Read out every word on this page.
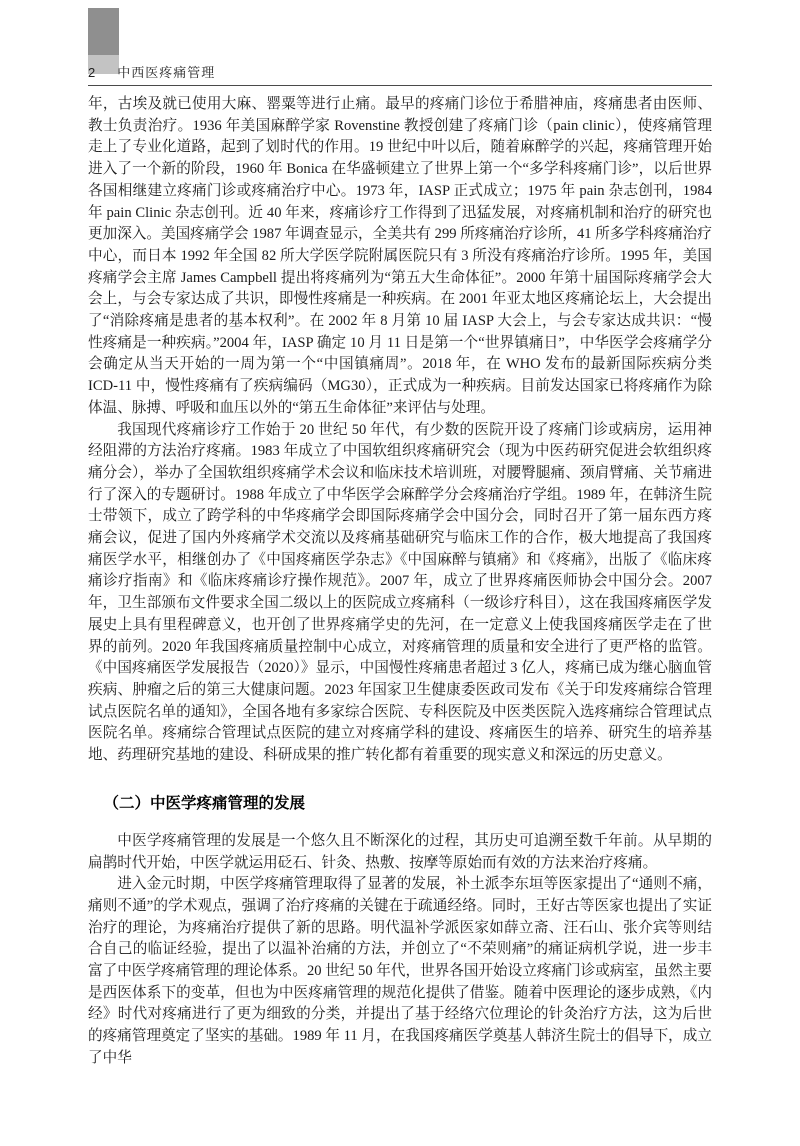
2 中西医疼痛管理

年，古埃及就已使用大麻、罂粟等进行止痛。最早的疼痛门诊位于希腊神庙，疼痛患者由医师、教士负责治疗。1936 年美国麻醉学家 Rovenstine 教授创建了疼痛门诊（pain clinic），使疼痛管理走上了专业化道路，起到了划时代的作用。19 世纪中叶以后，随着麻醉学的兴起，疼痛管理开始进入了一个新的阶段，1960 年 Bonica 在华盛顿建立了世界上第一个“多学科疼痛门诊”，以后世界各国相继建立疼痛门诊或疼痛治疗中心。1973 年，IASP 正式成立；1975 年 pain 杂志创刊，1984 年 pain Clinic 杂志创刊。近 40 年来，疼痛诊疗工作得到了迅猛发展，对疼痛机制和治疗的研究也更加深入。美国疼痛学会 1987 年调查显示，全美共有 299 所疼痛治疗诊所，41 所多学科疼痛治疗中心，而日本 1992 年全国 82 所大学医学院附属医院只有 3 所没有疼痛治疗诊所。1995 年，美国疼痛学会主席 James Campbell 提出将疼痛列为“第五大生命体征”。2000 年第十届国际疼痛学会大会上，与会专家达成了共识，即慢性疼痛是一种疾病。在 2001 年亚太地区疼痛论坛上，大会提出了“消除疼痛是患者的基本权利”。在 2002 年 8 月第 10 届 IASP 大会上，与会专家达成共识：“慢性疼痛是一种疾病。”2004 年，IASP 确定 10 月 11 日是第一个“世界镇痛日”，中华医学会疼痛学分会确定从当天开始的一周为第一个“中国镇痛周”。2018 年，在 WHO 发布的最新国际疾病分类 ICD-11 中，慢性疼痛有了疾病编码（MG30），正式成为一种疾病。目前发达国家已将疼痛作为除体温、脉搏、呼吸和血压以外的“第五生命体征”来评估与处理。

我国现代疼痛诊疗工作始于 20 世纪 50 年代，有少数的医院开设了疼痛门诊或病房，运用神经阻滞的方法治疗疼痛。1983 年成立了中国软组织疼痛研究会（现为中医药研究促进会软组织疼痛分会），举办了全国软组织疼痛学术会议和临床技术培训班，对腰臀腿痛、颈肩臂痛、关节痛进行了深入的专题研讨。1988 年成立了中华医学会麻醉学分会疼痛治疗学组。1989 年，在韩济生院士带领下，成立了跨学科的中华疼痛学会即国际疼痛学会中国分会，同时召开了第一届东西方疼痛会议，促进了国内外疼痛学术交流以及疼痛基础研究与临床工作的合作，极大地提高了我国疼痛医学水平，相继创办了《中国疼痛医学杂志》《中国麻醉与镇痛》和《疼痛》，出版了《临床疼痛诊疗指南》和《临床疼痛诊疗操作规范》。2007 年，成立了世界疼痛医师协会中国分会。2007 年，卫生部颁布文件要求全国二级以上的医院成立疼痛科（一级诊疗科目），这在我国疼痛医学发展史上具有里程碑意义，也开创了世界疼痛学史的先河，在一定意义上使我国疼痛医学走在了世界的前列。2020 年我国疼痛质量控制中心成立，对疼痛管理的质量和安全进行了更严格的监管。《中国疼痛医学发展报告（2020）》显示，中国慢性疼痛患者超过 3 亿人，疼痛已成为继心脑血管疾病、肿瘤之后的第三大健康问题。2023 年国家卫生健康委医政司发布《关于印发疼痛综合管理试点医院名单的通知》，全国各地有多家综合医院、专科医院及中医类医院入选疼痛综合管理试点医院名单。疼痛综合管理试点医院的建立对疼痛学科的建设、疼痛医生的培养、研究生的培养基地、药理研究基地的建设、科研成果的推广转化都有着重要的现实意义和深远的历史意义。

（二）中医学疼痛管理的发展

中医学疼痛管理的发展是一个悠久且不断深化的过程，其历史可追溯至数千年前。从早期的扁鹊时代开始，中医学就运用砭石、针灸、热敷、按摩等原始而有效的方法来治疗疼痛。

进入金元时期，中医学疼痛管理取得了显著的发展，补土派李东垣等医家提出了“通则不痛，痛则不通”的学术观点，强调了治疗疼痛的关键在于疏通经络。同时，王好古等医家也提出了实证治疗的理论，为疼痛治疗提供了新的思路。明代温补学派医家如薛立斋、汪石山、张介宾等则结合自己的临证经验，提出了以温补治痛的方法，并创立了“不荣则痛”的痛证病机学说，进一步丰富了中医学疼痛管理的理论体系。20 世纪 50 年代，世界各国开始设立疼痛门诊或病室，虽然主要是西医体系下的变革，但也为中医疼痛管理的规范化提供了借鉴。随着中医理论的逐步成熟，《内经》时代对疼痛进行了更为细致的分类，并提出了基于经络穴位理论的针灸治疗方法，这为后世的疼痛管理奠定了坚实的基础。1989 年 11 月，在我国疼痛医学奠基人韩济生院士的倡导下，成立了中华
